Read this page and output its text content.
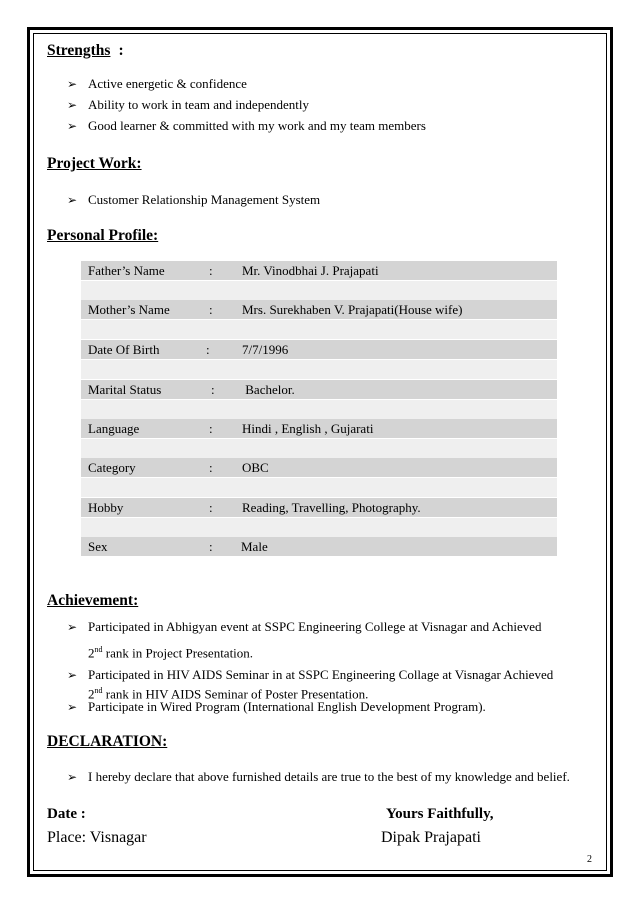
Strengths :
➢ Active energetic & confidence
➢ Ability to work in team and independently
➢ Good learner & committed with my work and my team members
Project Work:
➢ Customer Relationship Management System
Personal Profile:
Father’s Name	: Mr. Vinodbhai J. Prajapati
Mother’s Name	: Mrs. Surekhaben V. Prajapati(House wife)
Date Of Birth	: 7/7/1996
Marital Status	: Bachelor.
Language	: Hindi , English , Gujarati
Category	: OBC
Hobby	: Reading, Travelling, Photography.
Sex	: Male
Achievement:
➢ Participated in Abhigyan event at SSPC Engineering College at Visnagar and Achieved
2nd rank in Project Presentation.
➢ Participated in HIV AIDS Seminar in at SSPC Engineering Collage at Visnagar Achieved
2nd rank in HIV AIDS Seminar of Poster Presentation.
➢ Participate in Wired Program (International English Development Program).
DECLARATION:
➢ I hereby declare that above furnished details are true to the best of my knowledge and belief.
Date :	Yours Faithfully,
Place: Visnagar	Dipak Prajapati
2
